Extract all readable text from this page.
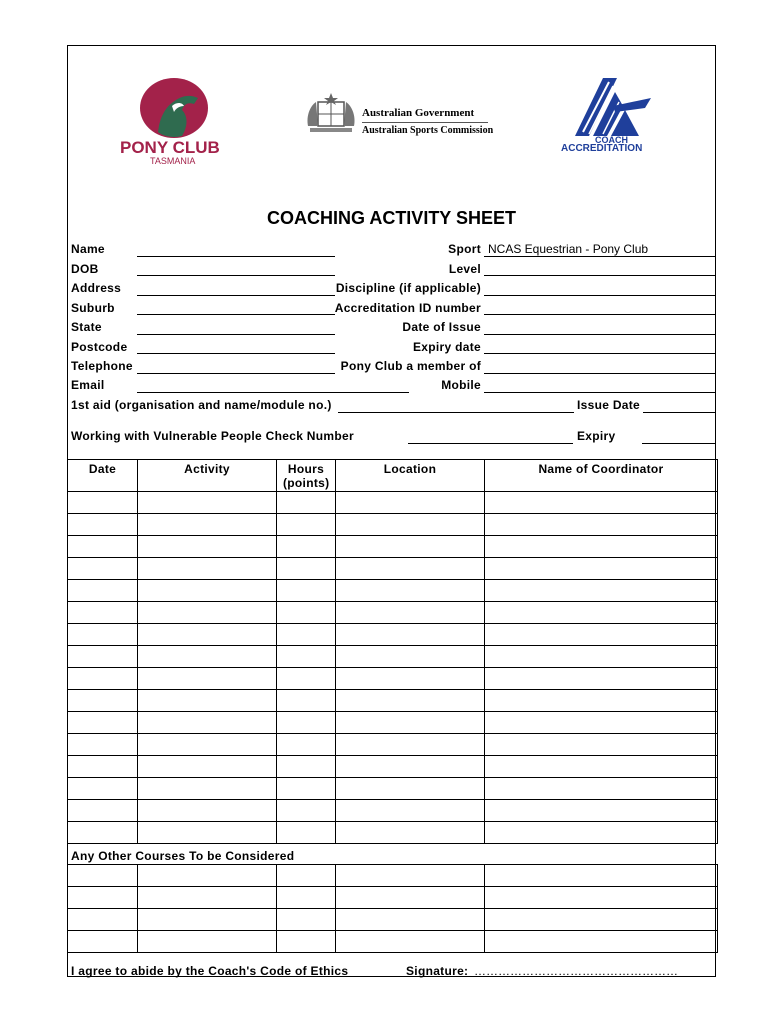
PONY CLUB
TASMANIA
Australian Government
Australian Sports Commission
COACH
ACCREDITATION
COACHING ACTIVITY SHEET
Name
DOB
Address
Suburb
State
Postcode
Telephone
Email
Sport NCAS Equestrian - Pony Club
Level
Discipline (if applicable)
Accreditation ID number
Date of Issue
Expiry date
Pony Club a member of
Mobile
1st aid (organisation and name/module no.)	Issue Date
Working with Vulnerable People Check Number	Expiry
Date	Activity	Hours (points)	Location	Name of Coordinator

Any Other Courses To be Considered

I agree to abide by the Coach's Code of Ethics	Signature: ……………………………………………
